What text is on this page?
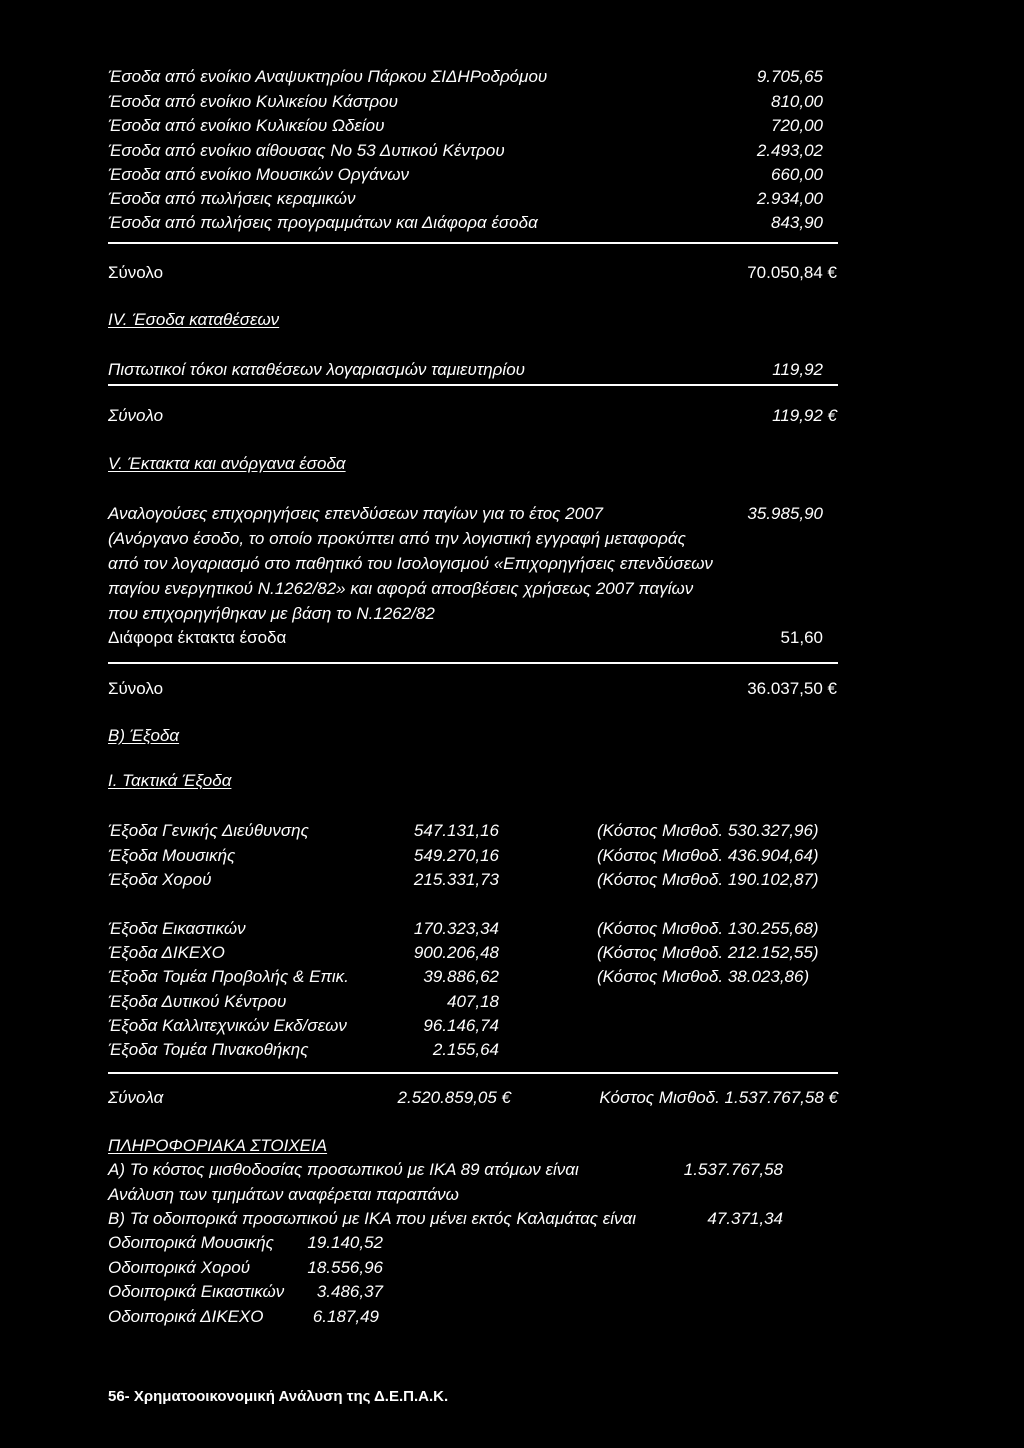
Έσοδα από ενοίκιο Αναψυκτηρίου Πάρκου ΣΙΔΗΡοδρόμου	9.705,65
Έσοδα από ενοίκιο Κυλικείου Κάστρου	810,00
Έσοδα από ενοίκιο Κυλικείου Ωδείου	720,00
Έσοδα από ενοίκιο αίθουσας Νο 53 Δυτικού Κέντρου	2.493,02
Έσοδα από ενοίκιο Μουσικών Οργάνων	660,00
Έσοδα από πωλήσεις κεραμικών	2.934,00
Έσοδα από πωλήσεις προγραμμάτων και Διάφορα έσοδα	843,90
Σύνολο	70.050,84 €
IV. Έσοδα καταθέσεων
Πιστωτικοί τόκοι καταθέσεων λογαριασμών ταμιευτηρίου	119,92
Σύνολο	119,92 €
V. Έκτακτα και ανόργανα έσοδα
Αναλογούσες επιχορηγήσεις επενδύσεων παγίων για το έτος 2007	35.985,90
(Ανόργανο έσοδο, το οποίο προκύπτει από την λογιστική εγγραφή μεταφοράς
από τον λογαριασμό στο παθητικό του Ισολογισμού «Επιχορηγήσεις επενδύσεων
παγίου ενεργητικού Ν.1262/82» και αφορά αποσβέσεις χρήσεως 2007 παγίων
που επιχορηγήθηκαν με βάση το Ν.1262/82
Διάφορα έκτακτα έσοδα	51,60
Σύνολο	36.037,50 €
B) Έξοδα
I. Τακτικά Έξοδα
Έξοδα Γενικής Διεύθυνσης	547.131,16	(Κόστος Μισθοδ. 530.327,96)
Έξοδα Μουσικής	549.270,16	(Κόστος Μισθοδ. 436.904,64)
Έξοδα Χορού	215.331,73	(Κόστος Μισθοδ. 190.102,87)
Έξοδα Εικαστικών	170.323,34	(Κόστος Μισθοδ. 130.255,68)
Έξοδα ΔΙΚΕΧΟ	900.206,48	(Κόστος Μισθοδ. 212.152,55)
Έξοδα Τομέα Προβολής & Επικ.	39.886,62	(Κόστος Μισθοδ. 38.023,86)
Έξοδα Δυτικού Κέντρου	407,18
Έξοδα Καλλιτεχνικών Εκδ/σεων	96.146,74
Έξοδα Τομέα Πινακοθήκης	2.155,64
Σύνολα	2.520.859,05 €	Κόστος Μισθοδ. 1.537.767,58 €
ΠΛΗΡΟΦΟΡΙΑΚΑ ΣΤΟΙΧΕΙΑ
Α) Το κόστος μισθοδοσίας προσωπικού με ΙΚΑ 89 ατόμων είναι	1.537.767,58
Ανάλυση των τμημάτων αναφέρεται παραπάνω
Β) Τα οδοιπορικά προσωπικού με ΙΚΑ που μένει εκτός Καλαμάτας είναι	47.371,34
Οδοιπορικά Μουσικής 19.140,52
Οδοιπορικά Χορού	18.556,96
Οδοιπορικά Εικαστικών 3.486,37
Οδοιπορικά ΔΙΚΕΧΟ	6.187,49
56- Χρηματοοικονομική Ανάλυση της Δ.Ε.Π.Α.Κ.
